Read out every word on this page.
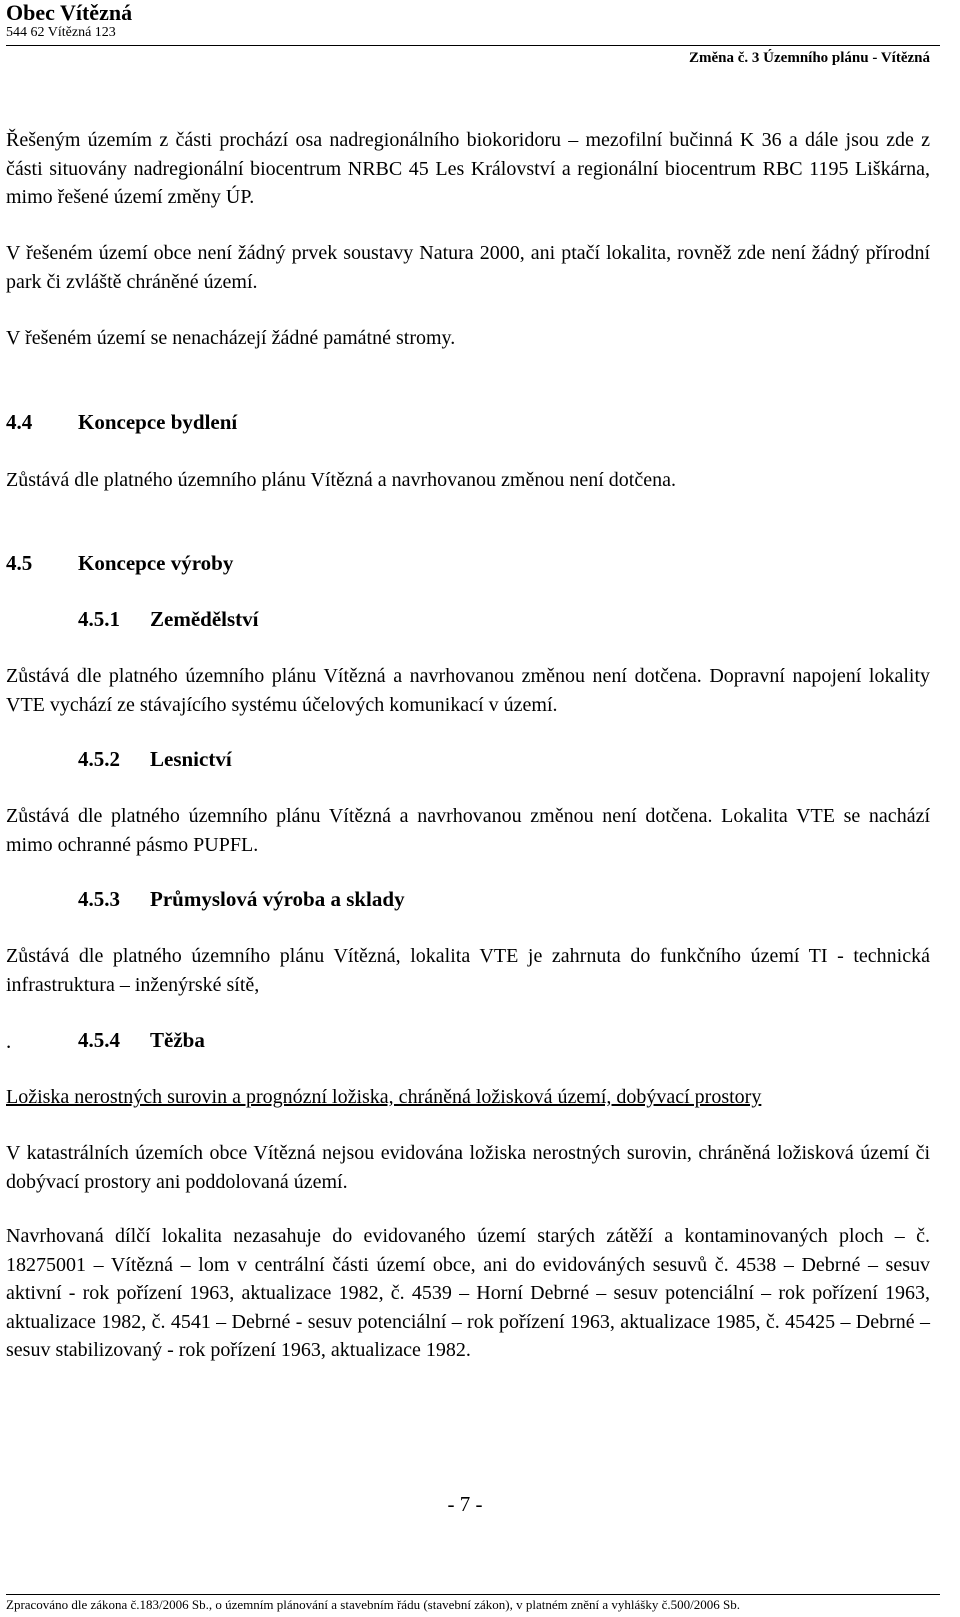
Obec Vítězná
544 62 Vítězná 123
Změna č. 3 Územního plánu - Vítězná

Řešeným územím z části prochází osa nadregionálního biokoridoru – mezofilní bučinná K 36 a dále jsou zde z části situovány nadregionální biocentrum NRBC 45 Les Království a regionální biocentrum RBC 1195 Liškárna, mimo řešené území změny ÚP.

V řešeném území obce není žádný prvek soustavy Natura 2000, ani ptačí lokalita, rovněž zde není žádný přírodní park či zvláště chráněné území.

V řešeném území se nenacházejí žádné památné stromy.

4.4 Koncepce bydlení

Zůstává dle platného územního plánu Vítězná a navrhovanou změnou není dotčena.

4.5 Koncepce výroby
4.5.1 Zemědělství

Zůstává dle platného územního plánu Vítězná a navrhovanou změnou není dotčena. Dopravní napojení lokality VTE vychází ze stávajícího systému účelových komunikací v území.

4.5.2 Lesnictví

Zůstává dle platného územního plánu Vítězná a navrhovanou změnou není dotčena. Lokalita VTE se nachází mimo ochranné pásmo PUPFL.

4.5.3 Průmyslová výroba a sklady

Zůstává dle platného územního plánu Vítězná, lokalita VTE je zahrnuta do funkčního území TI - technická infrastruktura – inženýrské sítě,

.	4.5.4 Těžba

Ložiska nerostných surovin a prognózní ložiska, chráněná ložisková území, dobývací prostory

V katastrálních územích obce Vítězná nejsou evidována ložiska nerostných surovin, chráněná ložisková území či dobývací prostory ani poddolovaná území.

Navrhovaná dílčí lokalita nezasahuje do evidovaného území starých zátěží a kontaminovaných ploch – č. 18275001 – Vítězná – lom v centrální části území obce, ani do evidováných sesuvů č. 4538 – Debrné – sesuv aktivní - rok pořízení 1963, aktualizace 1982, č. 4539 – Horní Debrné – sesuv potenciální – rok pořízení 1963, aktualizace 1982, č. 4541 – Debrné - sesuv potenciální – rok pořízení 1963, aktualizace 1985, č. 45425 – Debrné – sesuv stabilizovaný - rok pořízení 1963, aktualizace 1982.

- 7 -
Zpracováno dle zákona č.183/2006 Sb., o územním plánování a stavebním řádu (stavební zákon), v platném znění a vyhlášky č.500/2006 Sb.
